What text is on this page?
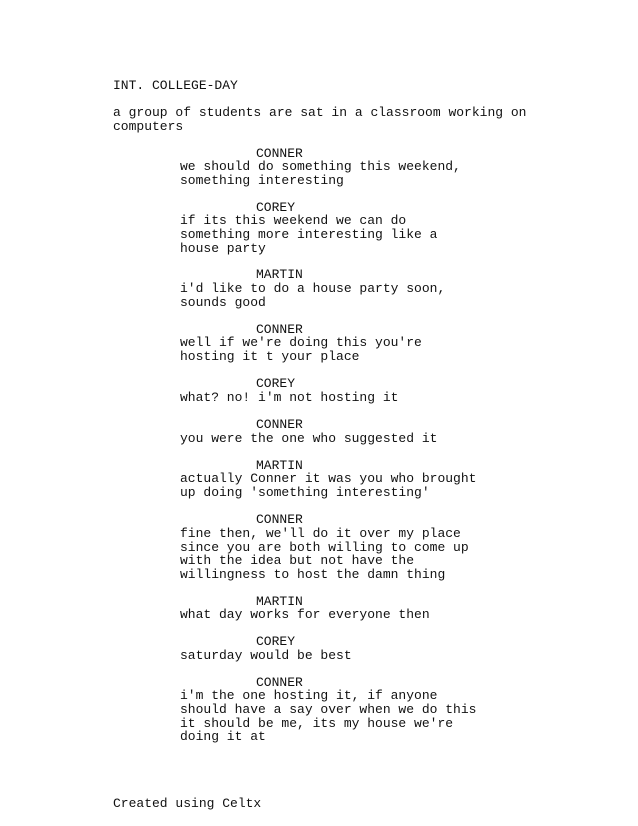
INT. COLLEGE-DAY

a group of students are sat in a classroom working on

computers

CONNER

we should do something this weekend,

something interesting

COREY

if its this weekend we can do

something more interesting like a

house party

MARTIN

i'd like to do a house party soon,

sounds good

CONNER

well if we're doing this you're

hosting it t your place

COREY

what? no! i'm not hosting it

CONNER

you were the one who suggested it

MARTIN

actually Conner it was you who brought

up doing 'something interesting'

CONNER

fine then, we'll do it over my place

since you are both willing to come up

with the idea but not have the

willingness to host the damn thing

MARTIN

what day works for everyone then

COREY

saturday would be best

CONNER

i'm the one hosting it, if anyone

should have a say over when we do this

it should be me, its my house we're

doing it at

Created using Celtx
